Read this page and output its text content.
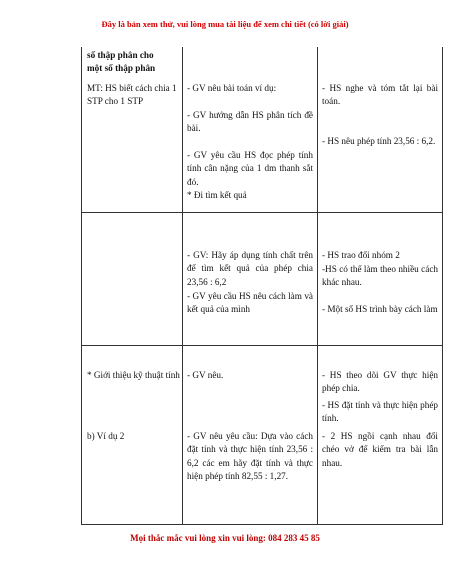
Đây là bản xem thử, vui lòng mua tài liệu để xem chi tiết (có lời giải)
số thập phân cho
một số thập phân
MT: HS biết cách chia 1 STP cho 1 STP
- GV nêu bài toán ví dụ:
- GV hướng dẫn HS phân tích đề bài.
- GV yêu cầu HS đọc phép tính tính cân nặng của 1 dm thanh sắt đó.
* Đi tìm kết quả
- HS nghe và tóm tắt lại bài toán.
- HS nêu phép tính 23,56 : 6,2.
- GV: Hãy áp dụng tính chất trên để tìm kết quả của phép chia 23,56 : 6,2
- GV yêu cầu HS nêu cách làm và kết quả của mình
- HS trao đổi nhóm 2
-HS có thể làm theo nhiều cách khác nhau.
- Một số HS trình bày cách làm
* Giới thiệu kỹ thuật tính
b) Ví dụ 2
- GV nêu.
- GV nêu yêu cầu: Dựa vào cách đặt tính và thực hiện tính 23,56 : 6,2 các em hãy đặt tính và thực hiện phép tính 82,55 : 1,27.
- HS theo dõi GV thực hiện phép chia.
- HS đặt tính và thực hiện phép tính.
- 2 HS ngồi cạnh nhau đổi chéo vở để kiểm tra bài lẫn nhau.
Mọi thắc mắc vui lòng xin vui lòng: 084 283 45 85
